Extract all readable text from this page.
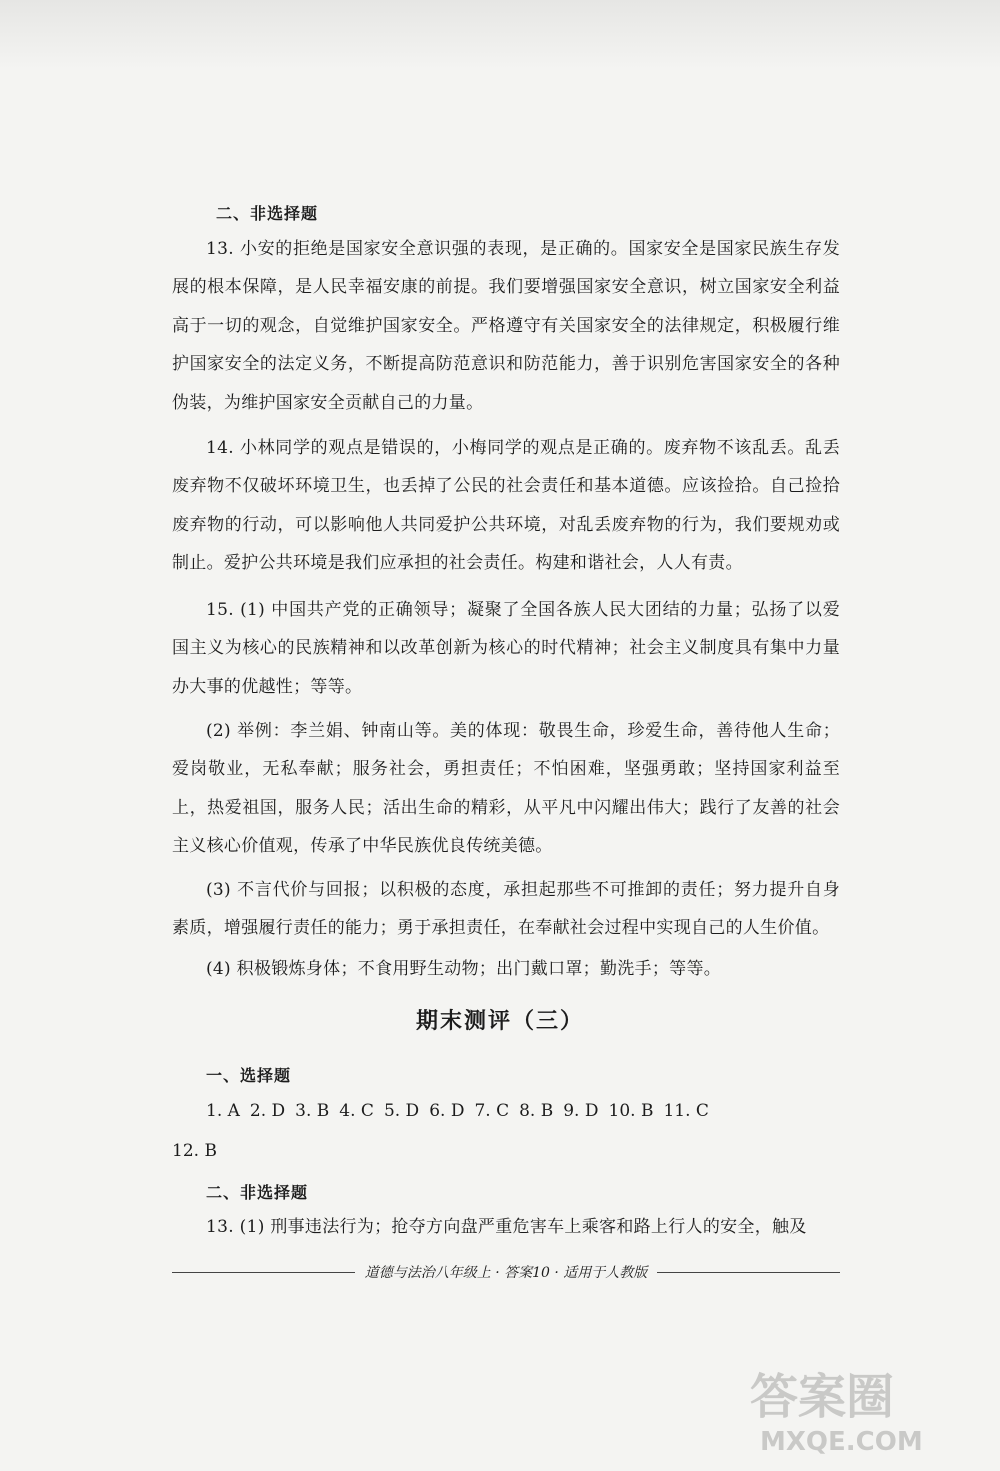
二、非选择题

13. 小安的拒绝是国家安全意识强的表现，是正确的。国家安全是国家民族生存发展的根本保障，是人民幸福安康的前提。我们要增强国家安全意识，树立国家安全利益高于一切的观念，自觉维护国家安全。严格遵守有关国家安全的法律规定，积极履行维护国家安全的法定义务，不断提高防范意识和防范能力，善于识别危害国家安全的各种伪装，为维护国家安全贡献自己的力量。

14. 小林同学的观点是错误的，小梅同学的观点是正确的。废弃物不该乱丢。乱丢废弃物不仅破坏环境卫生，也丢掉了公民的社会责任和基本道德。应该捡拾。自己捡拾废弃物的行动，可以影响他人共同爱护公共环境，对乱丢废弃物的行为，我们要规劝或制止。爱护公共环境是我们应承担的社会责任。构建和谐社会，人人有责。

15. (1) 中国共产党的正确领导；凝聚了全国各族人民大团结的力量；弘扬了以爱国主义为核心的民族精神和以改革创新为核心的时代精神；社会主义制度具有集中力量办大事的优越性；等等。

(2) 举例：李兰娟、钟南山等。美的体现：敬畏生命，珍爱生命，善待他人生命；爱岗敬业，无私奉献；服务社会，勇担责任；不怕困难，坚强勇敢；坚持国家利益至上，热爱祖国，服务人民；活出生命的精彩，从平凡中闪耀出伟大；践行了友善的社会主义核心价值观，传承了中华民族优良传统美德。

(3) 不言代价与回报；以积极的态度，承担起那些不可推卸的责任；努力提升自身素质，增强履行责任的能力；勇于承担责任，在奉献社会过程中实现自己的人生价值。

(4) 积极锻炼身体；不食用野生动物；出门戴口罩；勤洗手；等等。

期末测评（三）
一、选择题
1. A 2. D 3. B 4. C 5. D 6. D 7. C 8. B 9. D 10. B 11. C
12. B
二、非选择题

13. (1) 刑事违法行为；抢夺方向盘严重危害车上乘客和路上行人的安全，触及

道德与法治八年级上 · 答案10 · 适用于人教版
答案圈
MXQE.COM
